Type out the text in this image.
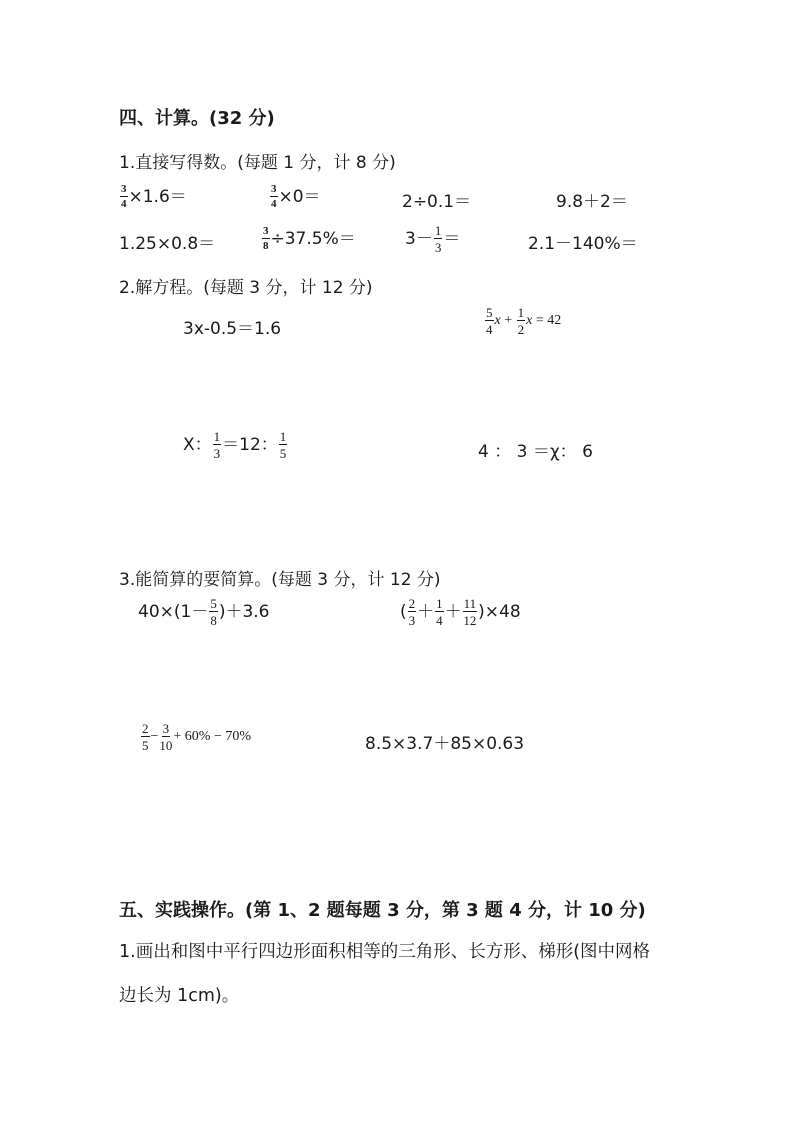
四、计算。(32 分)
1.直接写得数。(每题 1 分，计 8 分)
$\frac{3}{4} \times 1.6=$	$\frac{3}{4} \times 0=$	2÷0.1＝	9.8＋2＝
1.25×0.8＝	$\frac{3}{8} \div 37.5\%=$	$3- \frac{1}{3}$ ＝	2.1－140%＝
2.解方程。(每题 3 分，计 12 分)
3x-0.5＝1.6	$\frac{5}{4}$ $x + \frac{1}{2}$ x = 42
X： $\frac{1}{3} =12$： $\frac{1}{5}$	4 ： 3 ＝χ： 6
3.能简算的要简算。(每题 3 分，计 12 分)
$40\times(1- \frac{5}{8} )+3.6$	( $\frac{2}{3} + \frac{1}{4} + \frac{11}{12} )\times 48$
$\frac{2}{5} - \frac{3}{10} + 60\% - 70\%$	8.5×3.7＋85×0.63
五、实践操作。(第 1、2 题每题 3 分，第 3 题 4 分，计 10 分)
1.画出和图中平行四边形面积相等的三角形、长方形、梯形(图中网格
边长为 1cm)。
